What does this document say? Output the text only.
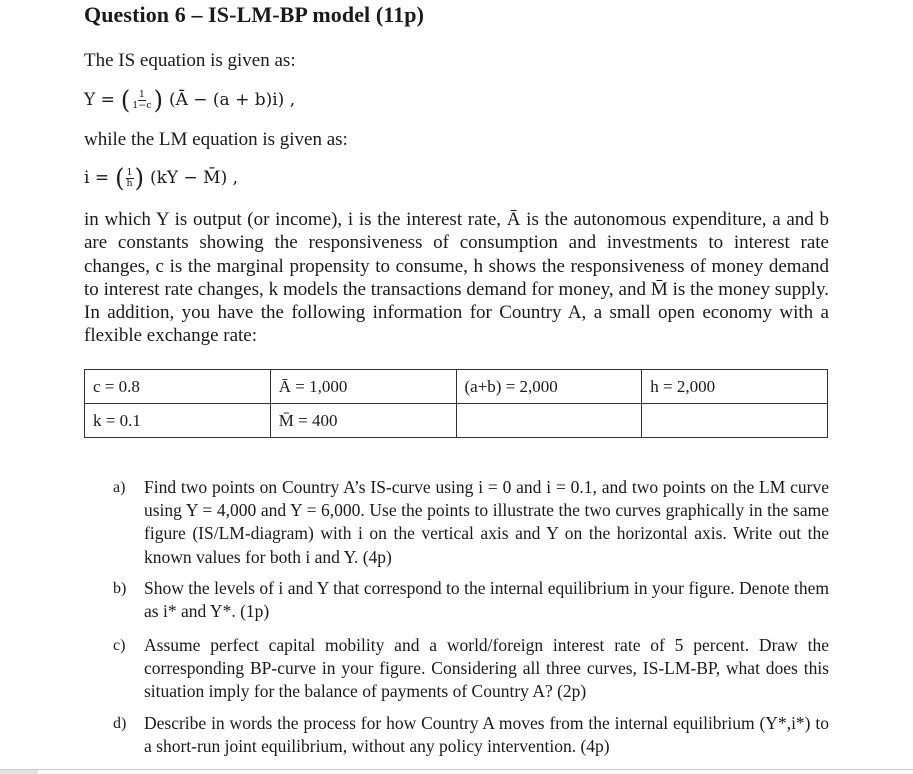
Question 6 – IS-LM-BP model (11p)
The IS equation is given as:
Y = ( $\frac{1}{1-c}$ ) (Ā − (a + b)i) ,
while the LM equation is given as:
i = ( $\frac{1}{h}$ ) (kY − M̄) ,
in which Y is output (or income), i is the interest rate, Ā is the autonomous expenditure, a and b are constants showing the responsiveness of consumption and investments to interest rate changes, c is the marginal propensity to consume, h shows the responsiveness of money demand to interest rate changes, k models the transactions demand for money, and M̄ is the money supply. In addition, you have the following information for Country A, a small open economy with a flexible exchange rate:
c = 0.8	Ā = 1,000	(a+b) = 2,000	h = 2,000
k = 0.1	M̄ = 400		
a)	Find two points on Country A’s IS-curve using i = 0 and i = 0.1, and two points on the LM curve using Y = 4,000 and Y = 6,000. Use the points to illustrate the two curves graphically in the same figure (IS/LM-diagram) with i on the vertical axis and Y on the horizontal axis. Write out the known values for both i and Y. (4p)
b)	Show the levels of i and Y that correspond to the internal equilibrium in your figure. Denote them as i* and Y*. (1p)
c)	Assume perfect capital mobility and a world/foreign interest rate of 5 percent. Draw the corresponding BP-curve in your figure. Considering all three curves, IS-LM-BP, what does this situation imply for the balance of payments of Country A? (2p)
d)	Describe in words the process for how Country A moves from the internal equilibrium (Y*,i*) to a short-run joint equilibrium, without any policy intervention. (4p)
